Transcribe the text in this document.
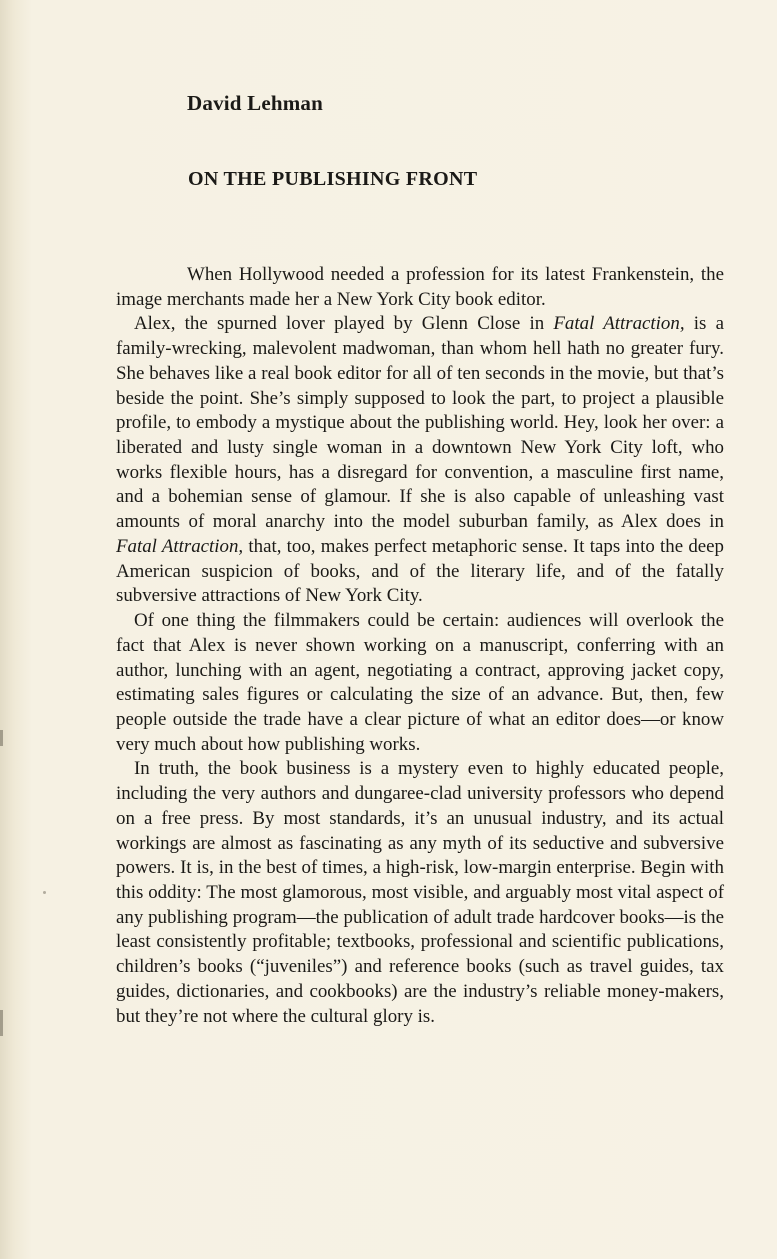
David Lehman
ON THE PUBLISHING FRONT

When Hollywood needed a profession for its latest Frankenstein, the image merchants made her a New York City book editor.

Alex, the spurned lover played by Glenn Close in Fatal Attraction, is a family-wrecking, malevolent madwoman, than whom hell hath no greater fury. She behaves like a real book editor for all of ten seconds in the movie, but that’s beside the point. She’s simply supposed to look the part, to project a plausible profile, to embody a mystique about the publishing world. Hey, look her over: a liberated and lusty single woman in a downtown New York City loft, who works flexible hours, has a disregard for convention, a masculine first name, and a bohemian sense of glamour. If she is also capable of unleashing vast amounts of moral anarchy into the model suburban family, as Alex does in Fatal Attraction, that, too, makes perfect metaphoric sense. It taps into the deep American suspicion of books, and of the literary life, and of the fatally subversive attractions of New York City.

Of one thing the filmmakers could be certain: audiences will overlook the fact that Alex is never shown working on a manuscript, conferring with an author, lunching with an agent, negotiating a contract, approving jacket copy, estimating sales figures or calculating the size of an advance. But, then, few people outside the trade have a clear picture of what an editor does—or know very much about how publishing works.

In truth, the book business is a mystery even to highly educated people, including the very authors and dungaree-clad university professors who depend on a free press. By most standards, it’s an unusual industry, and its actual workings are almost as fascinating as any myth of its seductive and subversive powers. It is, in the best of times, a high-risk, low-margin enterprise. Begin with this oddity: The most glamorous, most visible, and arguably most vital aspect of any publishing program—the publication of adult trade hardcover books—is the least consistently profitable; textbooks, professional and scientific publications, children’s books (“juveniles”) and reference books (such as travel guides, tax guides, dictionaries, and cookbooks) are the industry’s reliable money-makers, but they’re not where the cultural glory is.
